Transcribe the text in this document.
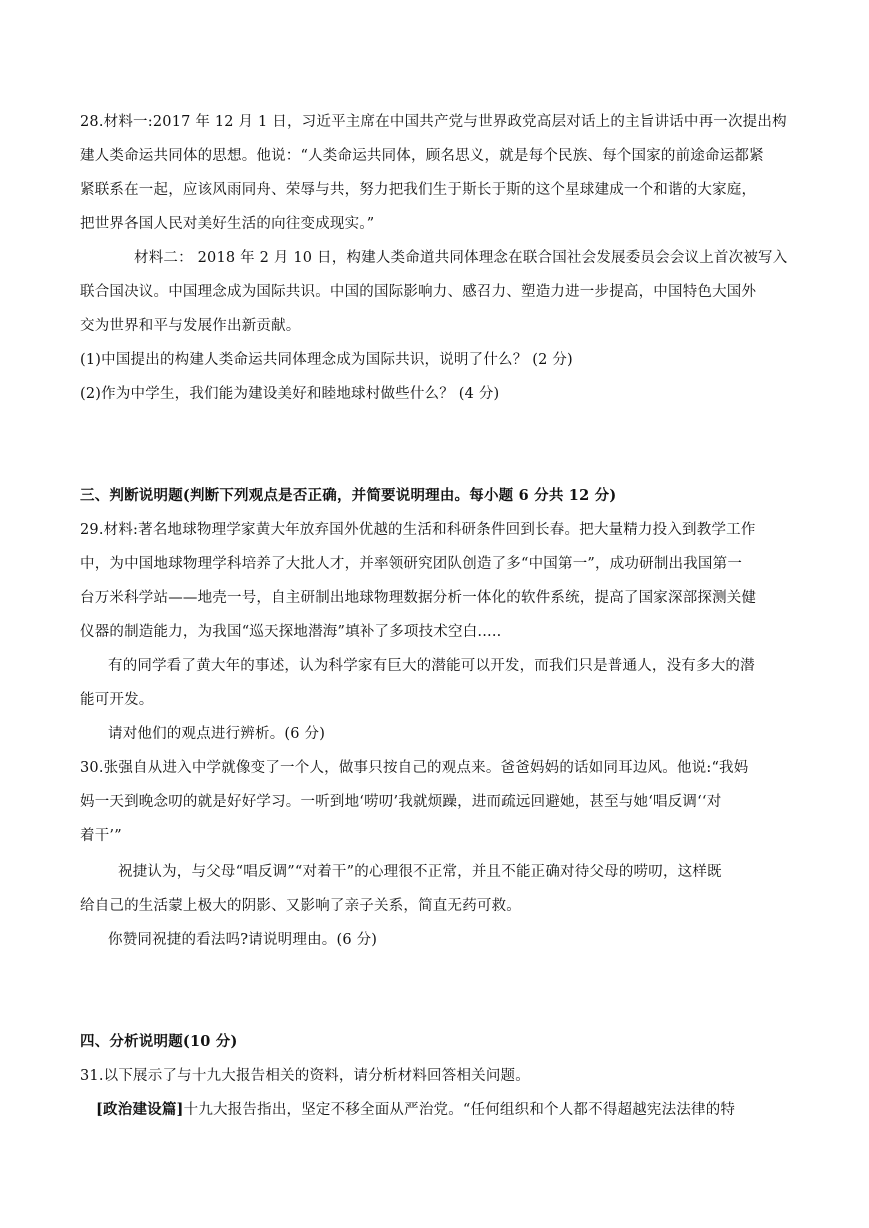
28.材料一:2017 年 12 月 1 日，习近平主席在中国共产党与世界政党高层对话上的主旨讲话中再一次提出构
建人类命运共同体的思想。他说：“人类命运共同体，顾名思义，就是每个民族、每个国家的前途命运都紧
紧联系在一起，应该风雨同舟、荣辱与共，努力把我们生于斯长于斯的这个星球建成一个和谐的大家庭，
把世界各国人民对美好生活的向往变成现实。”
材料二： 2018 年 2 月 10 日，构建人类命道共同体理念在联合国社会发展委员会会议上首次被写入
联合国决议。中国理念成为国际共识。中国的国际影响力、感召力、塑造力进一步提高，中国特色大国外
交为世界和平与发展作出新贡献。
(1)中国提出的构建人类命运共同体理念成为国际共识，说明了什么？ (2 分)
(2)作为中学生，我们能为建设美好和睦地球村做些什么？ (4 分)
三、判断说明题(判断下列观点是否正确，并简要说明理由。每小题 6 分共 12 分)
29.材料:著名地球物理学家黄大年放弃国外优越的生活和科研条件回到长春。把大量精力投入到教学工作
中，为中国地球物理学科培养了大批人才，并率领研究团队创造了多“中国第一”，成功研制出我国第一
台万米科学站——地壳一号，自主研制出地球物理数据分析一体化的软件系统，提高了国家深部探测关健
仪器的制造能力，为我国“巡天探地潜海”填补了多项技术空白.....
有的同学看了黄大年的事述，认为科学家有巨大的潜能可以开发，而我们只是普通人，没有多大的潜
能可开发。
请对他们的观点进行辨析。(6 分)
30.张强自从进入中学就像变了一个人，做事只按自己的观点来。爸爸妈妈的话如同耳边风。他说:“我妈
妈一天到晚念叨的就是好好学习。一听到地‘唠叨’我就烦躁，进而疏远回避她，甚至与她‘唱反调‘‘对
着干’”
祝捷认为，与父母“唱反调”“对着干”的心理很不正常，并且不能正确对待父母的唠叨，这样既
给自己的生活蒙上极大的阴影、又影响了亲子关系，简直无药可救。
你赞同祝捷的看法吗?请说明理由。(6 分)
四、分析说明题(10 分)
31.以下展示了与十九大报告相关的资料，请分析材料回答相关问题。
[政治建设篇]十九大报告指出，坚定不移全面从严治党。“任何组织和个人都不得超越宪法法律的特
